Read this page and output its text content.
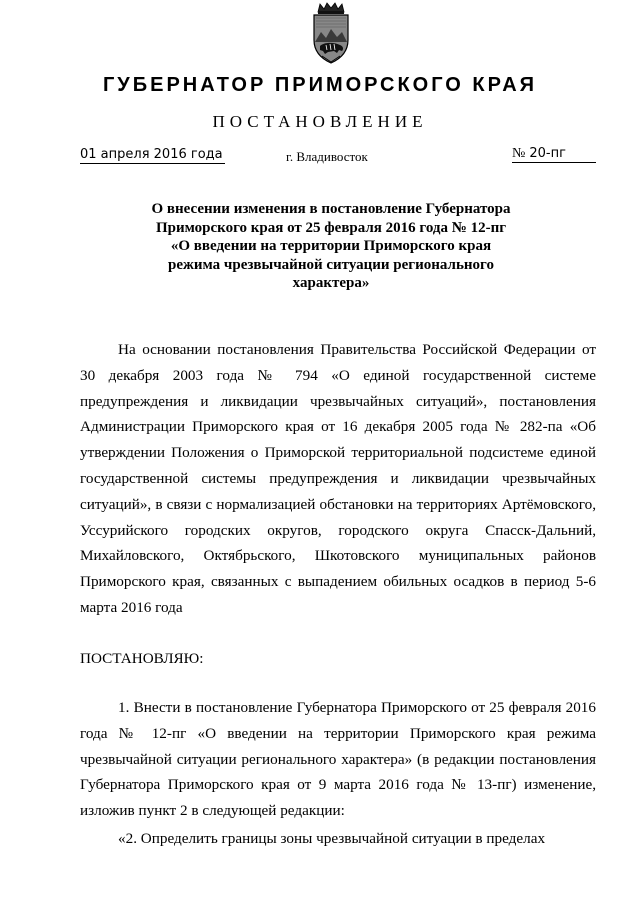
ГУБЕРНАТОР ПРИМОРСКОГО КРАЯ
ПОСТАНОВЛЕНИЕ
01 апреля 2016 года	г. Владивосток	№ 20-пг
О внесении изменения в постановление Губернатора Приморского края от 25 февраля 2016 года № 12-пг «О введении на территории Приморского края режима чрезвычайной ситуации регионального характера»
На основании постановления Правительства Российской Федерации от 30 декабря 2003 года № 794 «О единой государственной системе предупреждения и ликвидации чрезвычайных ситуаций», постановления Администрации Приморского края от 16 декабря 2005 года № 282-па «Об утверждении Положения о Приморской территориальной подсистеме единой государственной системы предупреждения и ликвидации чрезвычайных ситуаций», в связи с нормализацией обстановки на территориях Артёмовского, Уссурийского городских округов, городского округа Спасск-Дальний, Михайловского, Октябрьского, Шкотовского муниципальных районов Приморского края, связанных с выпадением обильных осадков в период 5-6 марта 2016 года
ПОСТАНОВЛЯЮ:
1. Внести в постановление Губернатора Приморского от 25 февраля 2016 года № 12-пг «О введении на территории Приморского края режима чрезвычайной ситуации регионального характера» (в редакции постановления Губернатора Приморского края от 9 марта 2016 года № 13-пг) изменение, изложив пункт 2 в следующей редакции:
«2. Определить границы зоны чрезвычайной ситуации в пределах
